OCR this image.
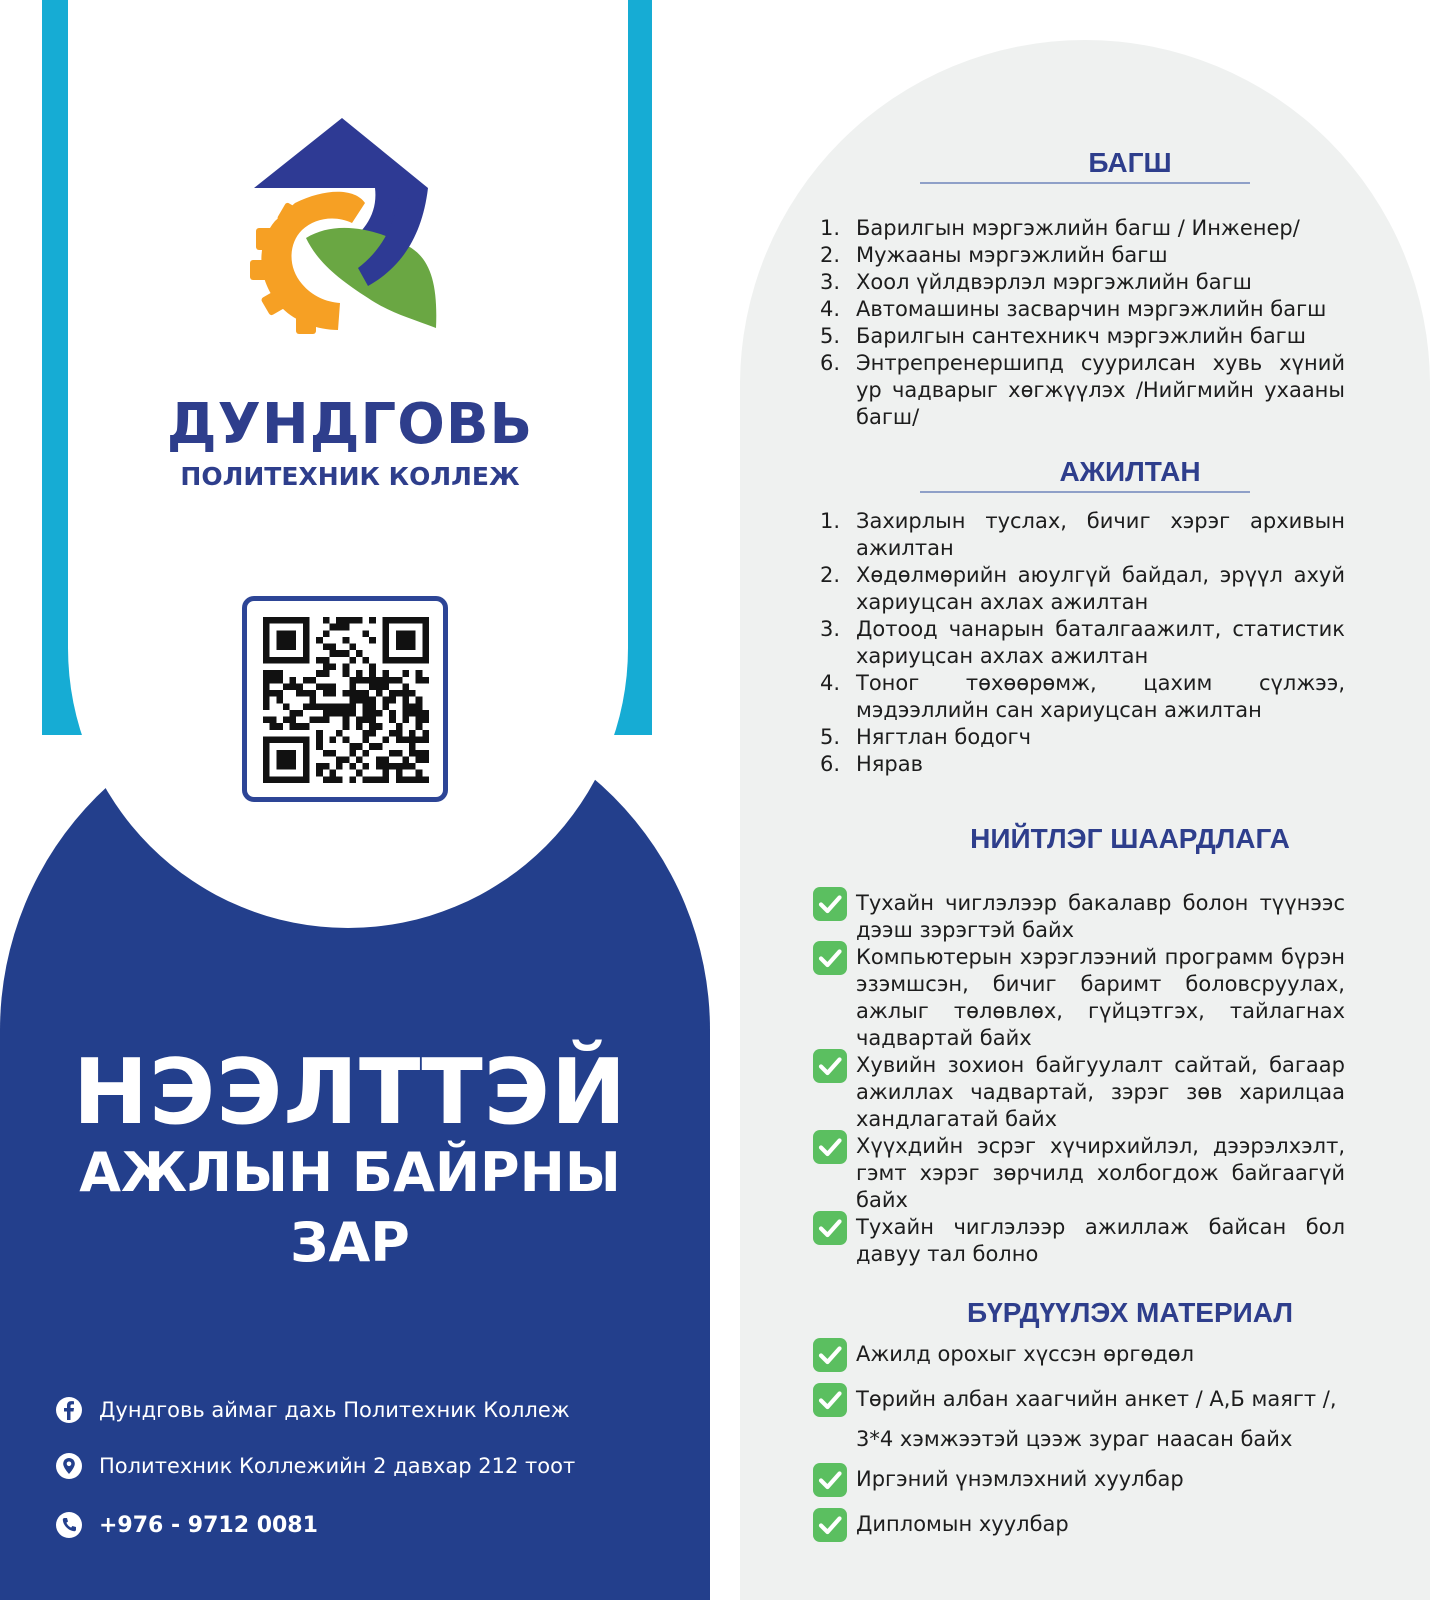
ДУНДГОВЬ
ПОЛИТЕХНИК КОЛЛЕЖ
НЭЭЛТТЭЙ
АЖЛЫН БАЙРНЫ
ЗАР
Дундговь аймаг дахь Политехник Коллеж
Политехник Коллежийн 2 давхар 212 тоот
+976 - 9712 0081
БАГШ
1. Барилгын мэргэжлийн багш / Инженер/
2. Мужааны мэргэжлийн багш
3. Хоол үйлдвэрлэл мэргэжлийн багш
4. Автомашины засварчин мэргэжлийн багш
5. Барилгын сантехникч мэргэжлийн багш
6. Энтрепренершипд суурилсан хувь хүний ур чадварыг хөгжүүлэх /Нийгмийн ухааны багш/
АЖИЛТАН
1. Захирлын туслах, бичиг хэрэг архивын ажилтан
2. Хөдөлмөрийн аюулгүй байдал, эрүүл ахуй хариуцсан ахлах ажилтан
3. Дотоод чанарын баталгаажилт, статистик хариуцсан ахлах ажилтан
4. Тоног төхөөрөмж, цахим сүлжээ, мэдээллийн сан хариуцсан ажилтан
5. Нягтлан бодогч
6. Нярав
НИЙТЛЭГ ШААРДЛАГА
Тухайн чиглэлээр бакалавр болон түүнээс дээш зэрэгтэй байх
Компьютерын хэрэглээний программ бүрэн эзэмшсэн, бичиг баримт боловсруулах, ажлыг төлөвлөх, гүйцэтгэх, тайлагнах чадвартай байх
Хувийн зохион байгуулалт сайтай, багаар ажиллах чадвартай, зэрэг зөв харилцаа хандлагатай байх
Хүүхдийн эсрэг хүчирхийлэл, дээрэлхэлт, гэмт хэрэг зөрчилд холбогдож байгаагүй байх
Тухайн чиглэлээр ажиллаж байсан бол давуу тал болно
БҮРДҮҮЛЭХ МАТЕРИАЛ
Ажилд орохыг хүссэн өргөдөл
Төрийн албан хаагчийн анкет / А,Б маягт /,
3*4 хэмжээтэй цээж зураг наасан байх
Иргэний үнэмлэхний хуулбар
Дипломын хуулбар
